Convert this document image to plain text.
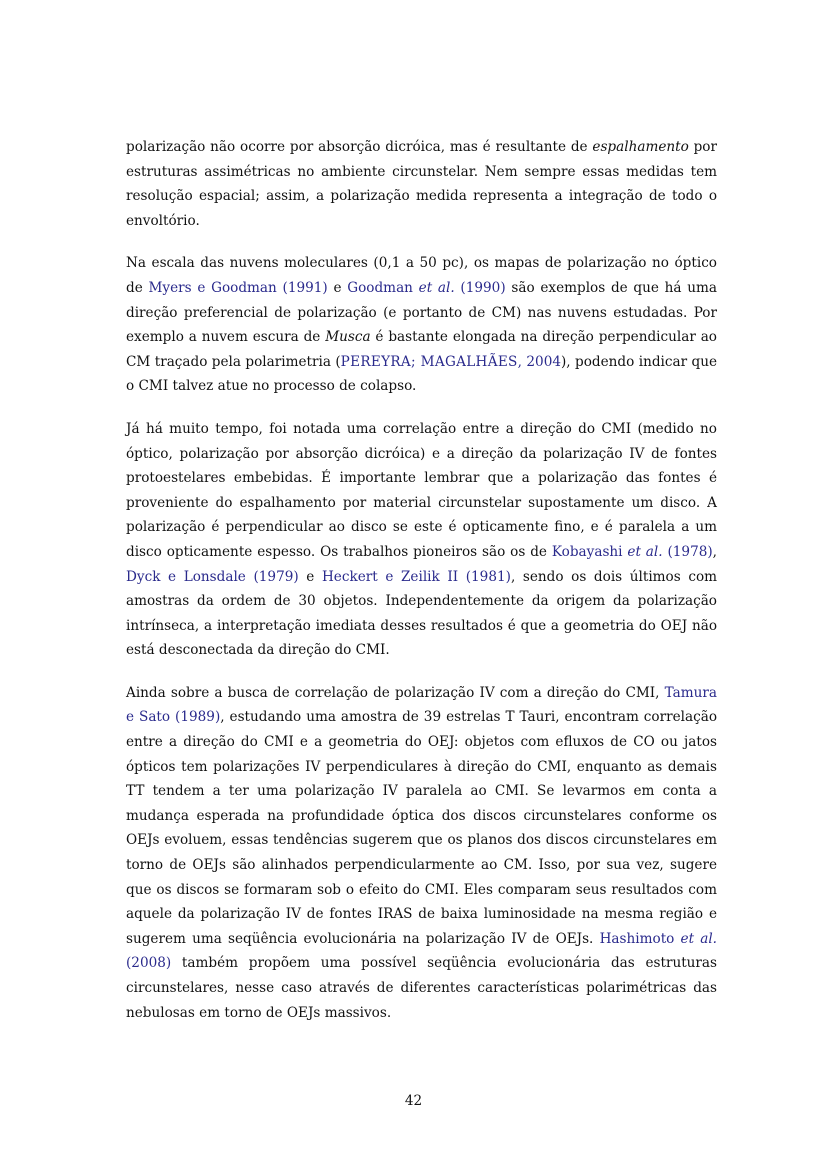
polarização não ocorre por absorção dicróica, mas é resultante de espalhamento por estruturas assimétricas no ambiente circunstelar. Nem sempre essas medidas tem resolução espacial; assim, a polarização medida representa a integração de todo o envoltório.

Na escala das nuvens moleculares (0,1 a 50 pc), os mapas de polarização no óptico de Myers e Goodman (1991) e Goodman et al. (1990) são exemplos de que há uma direção preferencial de polarização (e portanto de CM) nas nuvens estudadas. Por exemplo a nuvem escura de Musca é bastante elongada na direção perpendicular ao CM traçado pela polarimetria (PEREYRA; MAGALHÃES, 2004), podendo indicar que o CMI talvez atue no processo de colapso.

Já há muito tempo, foi notada uma correlação entre a direção do CMI (medido no óptico, polarização por absorção dicróica) e a direção da polarização IV de fontes protoestelares embebidas. É importante lembrar que a polarização das fontes é proveniente do espalhamento por material circunstelar supostamente um disco. A polarização é perpendicular ao disco se este é opticamente fino, e é paralela a um disco opticamente espesso. Os trabalhos pioneiros são os de Kobayashi et al. (1978), Dyck e Lonsdale (1979) e Heckert e Zeilik II (1981), sendo os dois últimos com amostras da ordem de 30 objetos. Independentemente da origem da polarização intrínseca, a interpretação imediata desses resultados é que a geometria do OEJ não está desconectada da direção do CMI.

Ainda sobre a busca de correlação de polarização IV com a direção do CMI, Tamura e Sato (1989), estudando uma amostra de 39 estrelas T Tauri, encontram correlação entre a direção do CMI e a geometria do OEJ: objetos com efluxos de CO ou jatos ópticos tem polarizações IV perpendiculares à direção do CMI, enquanto as demais TT tendem a ter uma polarização IV paralela ao CMI. Se levarmos em conta a mudança esperada na profundidade óptica dos discos circunstelares conforme os OEJs evoluem, essas tendências sugerem que os planos dos discos circunstelares em torno de OEJs são alinhados perpendicularmente ao CM. Isso, por sua vez, sugere que os discos se formaram sob o efeito do CMI. Eles comparam seus resultados com aquele da polarização IV de fontes IRAS de baixa luminosidade na mesma região e sugerem uma seqüência evolucionária na polarização IV de OEJs. Hashimoto et al. (2008) também propõem uma possível seqüência evolucionária das estruturas circunstelares, nesse caso através de diferentes características polarimétricas das nebulosas em torno de OEJs massivos.

42
